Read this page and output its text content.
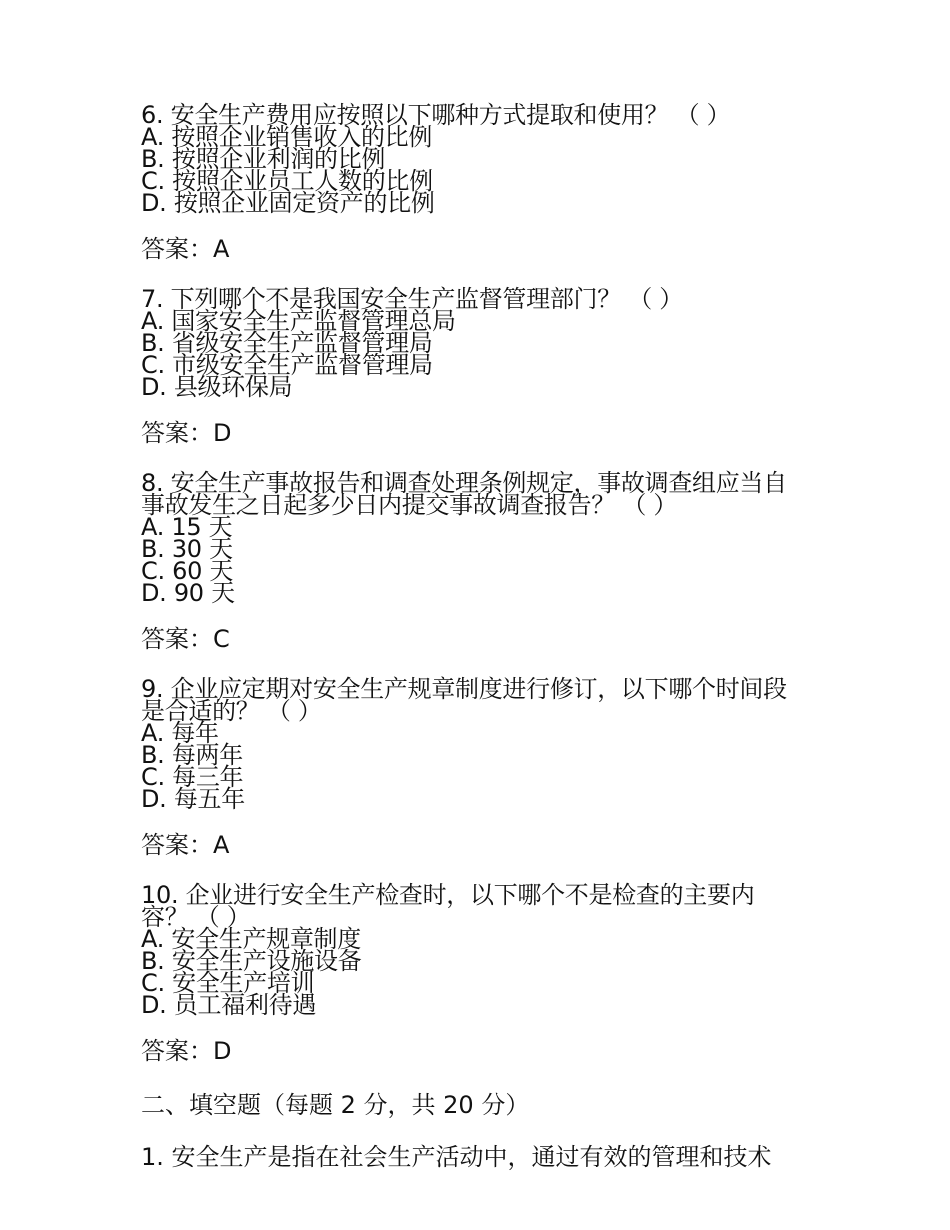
6. 安全生产费用应按照以下哪种方式提取和使用？ （ ）
A. 按照企业销售收入的比例
B. 按照企业利润的比例
C. 按照企业员工人数的比例
D. 按照企业固定资产的比例
答案：A
7. 下列哪个不是我国安全生产监督管理部门？ （ ）
A. 国家安全生产监督管理总局
B. 省级安全生产监督管理局
C. 市级安全生产监督管理局
D. 县级环保局
答案：D
8. 安全生产事故报告和调查处理条例规定，事故调查组应当自事故发生之日起多少日内提交事故调查报告？ （ ）
A. 15 天
B. 30 天
C. 60 天
D. 90 天
答案：C
9. 企业应定期对安全生产规章制度进行修订，以下哪个时间段是合适的？ （ ）
A. 每年
B. 每两年
C. 每三年
D. 每五年
答案：A
10. 企业进行安全生产检查时，以下哪个不是检查的主要内容？ （ ）
A. 安全生产规章制度
B. 安全生产设施设备
C. 安全生产培训
D. 员工福利待遇
答案：D
二、填空题（每题 2 分，共 20 分）
1. 安全生产是指在社会生产活动中，通过有效的管理和技术
